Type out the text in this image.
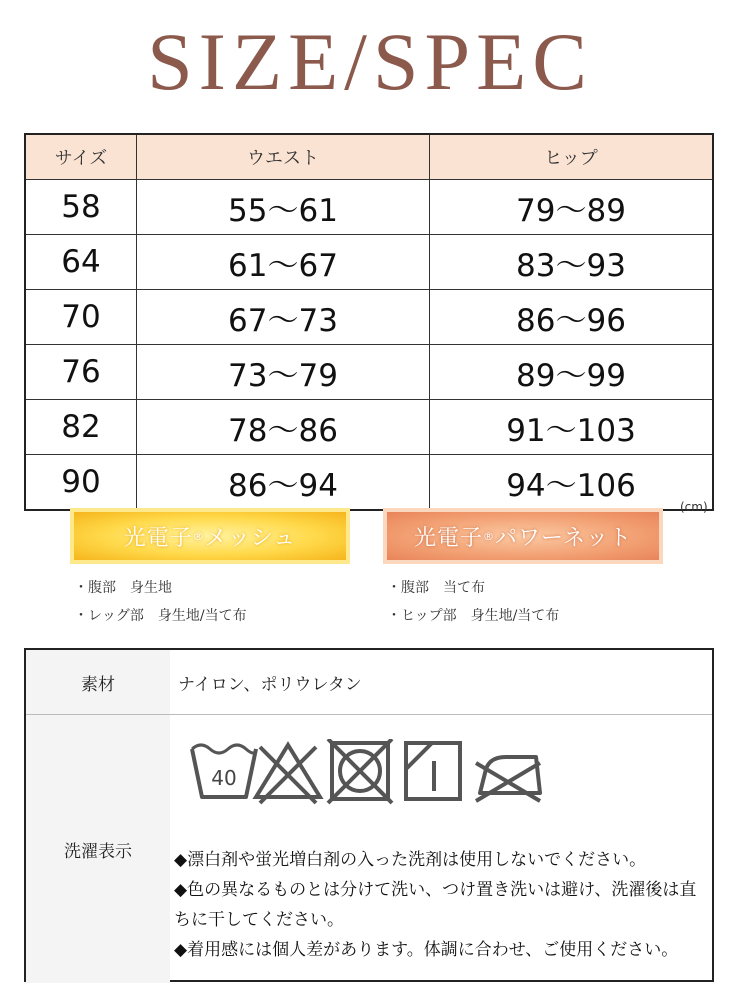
SIZE/SPEC
サイズ	ウエスト	ヒップ
58	55〜61	79〜89
64	61〜67	83〜93
70	67〜73	86〜96
76	73〜79	89〜99
82	78〜86	91〜103
90	86〜94	94〜106
(cm)
光電子 ® メッシュ	光電子 ® パワーネット
・腹部　身生地
・レッグ部　身生地/当て布
・腹部　当て布
・ヒップ部　身生地/当て布
素材	ナイロン、ポリウレタン
洗濯表示
40

◆漂白剤や蛍光増白剤の入った洗剤は使用しないでください。

◆色の異なるものとは分けて洗い、つけ置き洗いは避け、洗濯後は直ちに干してください。

◆着用感には個人差があります。体調に合わせ、ご使用ください。
